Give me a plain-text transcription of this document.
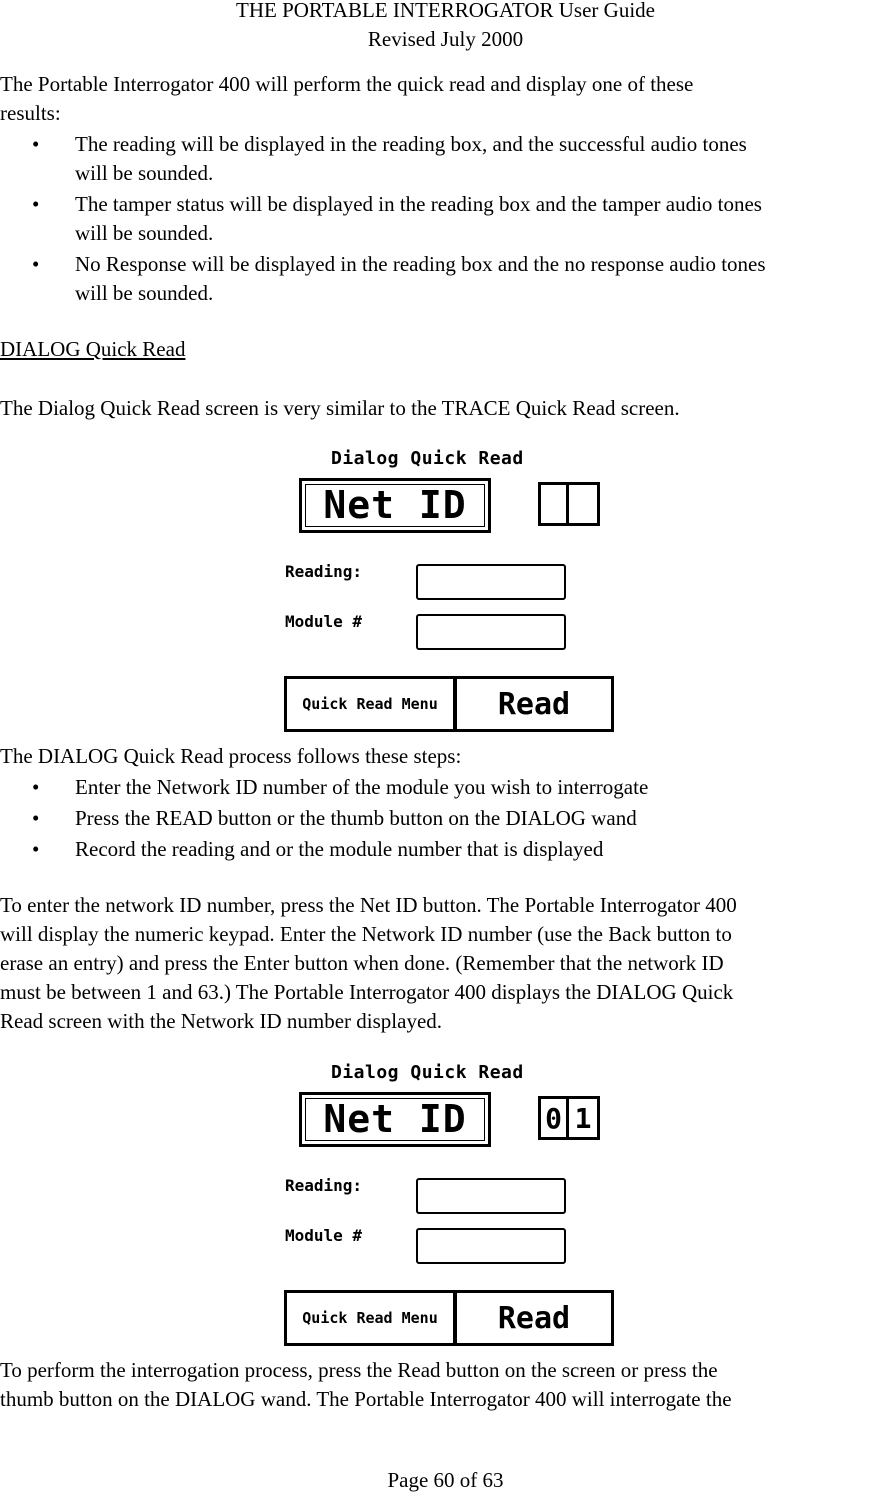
THE PORTABLE INTERROGATOR User Guide
Revised July 2000
The Portable Interrogator 400 will perform the quick read and display one of these
results:
• The reading will be displayed in the reading box, and the successful audio tones
will be sounded.
• The tamper status will be displayed in the reading box and the tamper audio tones
will be sounded.
• No Response will be displayed in the reading box and the no response audio tones
will be sounded.
DIALOG Quick Read
The Dialog Quick Read screen is very similar to the TRACE Quick Read screen.
Dialog Quick Read
Net ID
Reading:
Module #
Quick Read Menu	Read
The DIALOG Quick Read process follows these steps:
• Enter the Network ID number of the module you wish to interrogate
• Press the READ button or the thumb button on the DIALOG wand
• Record the reading and or the module number that is displayed
To enter the network ID number, press the Net ID button. The Portable Interrogator 400
will display the numeric keypad. Enter the Network ID number (use the Back button to
erase an entry) and press the Enter button when done. (Remember that the network ID
must be between 1 and 63.) The Portable Interrogator 400 displays the DIALOG Quick
Read screen with the Network ID number displayed.
Dialog Quick Read
Net ID	0 1
Reading:
Module #
Quick Read Menu	Read
To perform the interrogation process, press the Read button on the screen or press the
thumb button on the DIALOG wand. The Portable Interrogator 400 will interrogate the
Page 60 of 63
